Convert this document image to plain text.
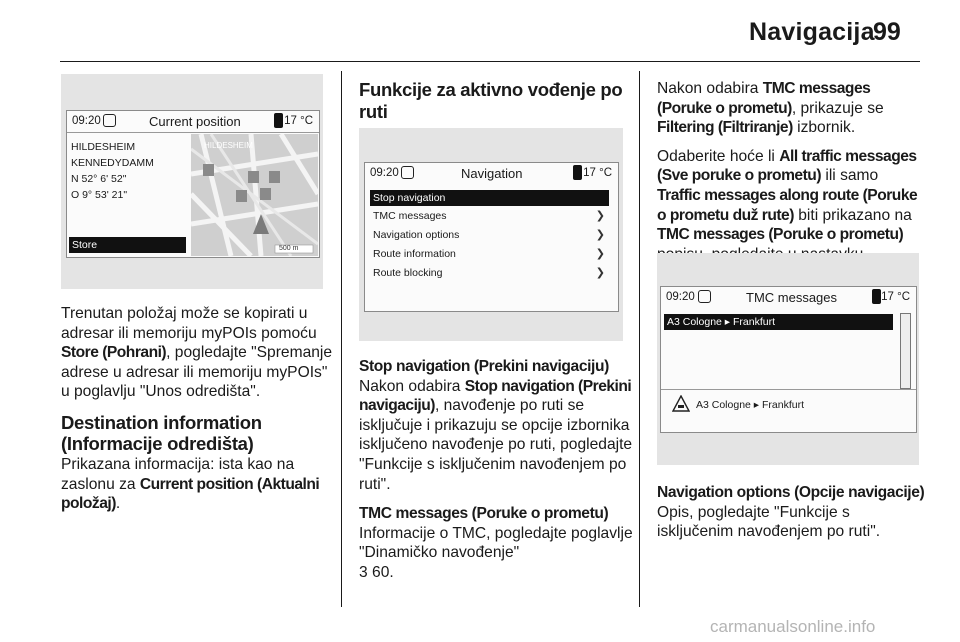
Navigacija
99
09:20	Current position	17 °C
HILDESHEIM
KENNEDYDAMM
N 52° 6' 52"
O 9° 53' 21"
Store
HILDESHEIM
500 m

Trenutan položaj može se kopirati u adresar ili memoriju myPOIs pomoću Store (Pohrani), pogledajte "Spremanje adrese u adresar ili memoriju myPOIs" u poglavlju "Unos odredišta".

Destination information (Informacije odredišta)

Prikazana informacija: ista kao na zaslonu za Current position (Aktualni položaj).

Funkcije za aktivno vođenje po ruti
09:20	Navigation	17 °C
Stop navigation
TMC messages	❯
Navigation options	❯
Route information	❯
Route blocking	❯
Stop navigation (Prekini navigaciju)

Nakon odabira Stop navigation (Prekini navigaciju), navođenje po ruti se isključuje i prikazuju se opcije izbornika isključeno navođenje po ruti, pogledajte "Funkcije s isključenim navođenjem po ruti".

TMC messages (Poruke o prometu)

Informacije o TMC, pogledajte poglavlje "Dinamičko navođenje"
3 60.

Nakon odabira TMC messages (Poruke o prometu), prikazuje se Filtering (Filtriranje) izbornik.

Odaberite hoće li All traffic messages (Sve poruke o prometu) ili samo Traffic messages along route (Poruke o prometu duž rute) biti prikazano na TMC messages (Poruke o prometu)

09:20	TMC messages	17 °C
A3 Cologne ▸ Frankfurt
A3 Cologne ▸ Frankfurt
Navigation options (Opcije navigacije)

Opis, pogledajte "Funkcije s isključenim navođenjem po ruti".

carmanualsonline.info
